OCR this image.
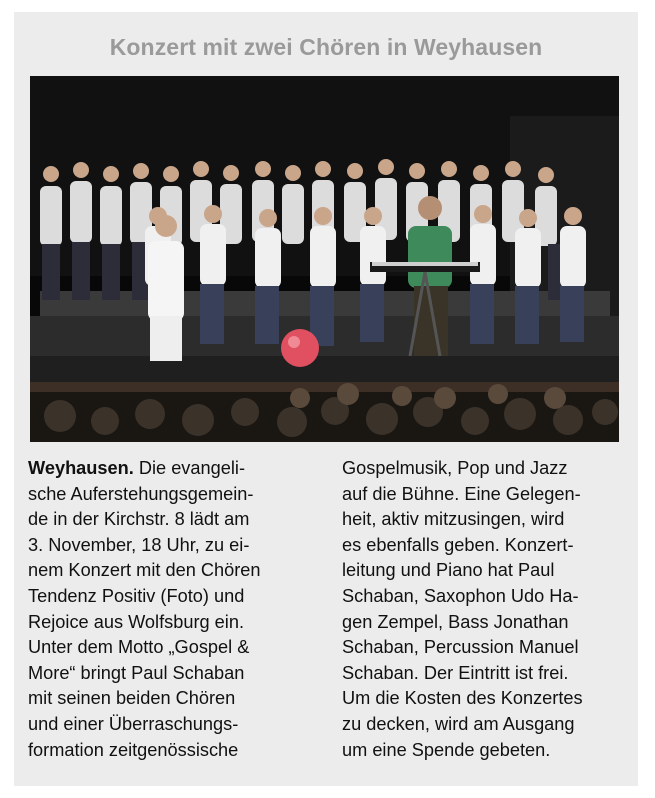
Konzert mit zwei Chören in Weyhausen
Weyhausen. Die evangeli-
sche Auferstehungsgemein-
de in der Kirchstr. 8 lädt am
3. November, 18 Uhr, zu ei-
nem Konzert mit den Chören
Tendenz Positiv (Foto) und
Rejoice aus Wolfsburg ein.
Unter dem Motto „Gospel &
More“ bringt Paul Schaban
mit seinen beiden Chören
und einer Überraschungs-
formation zeitgenössische
Gospelmusik, Pop und Jazz
auf die Bühne. Eine Gelegen-
heit, aktiv mitzusingen, wird
es ebenfalls geben. Konzert-
leitung und Piano hat Paul
Schaban, Saxophon Udo Ha-
gen Zempel, Bass Jonathan
Schaban, Percussion Manuel
Schaban. Der Eintritt ist frei.
Um die Kosten des Konzertes
zu decken, wird am Ausgang
um eine Spende gebeten.
